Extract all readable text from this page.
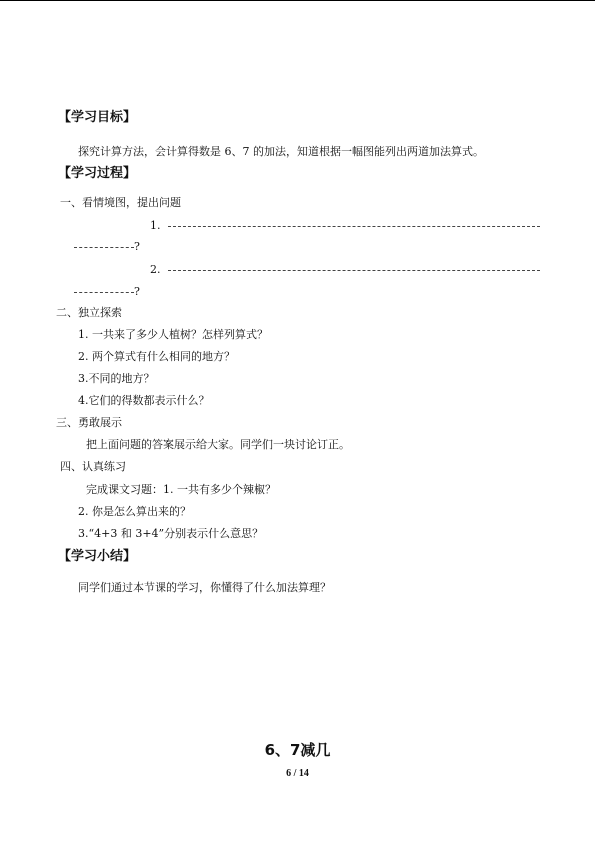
【学习目标】
探究计算方法，会计算得数是 6、7 的加法，知道根据一幅图能列出两道加法算式。
【学习过程】
一、看情境图，提出问题
1.
?
2.
?
二、独立探索
1. 一共来了多少人植树？怎样列算式？
2. 两个算式有什么相同的地方？
3.不同的地方？
4.它们的得数都表示什么？
三、勇敢展示
把上面问题的答案展示给大家。同学们一块讨论订正。
四、认真练习
完成课文习题：1. 一共有多少个辣椒？
2. 你是怎么算出来的？
3.“4+3 和 3+4”分别表示什么意思？
【学习小结】
同学们通过本节课的学习，你懂得了什么加法算理？
6、7减几
6 / 14
